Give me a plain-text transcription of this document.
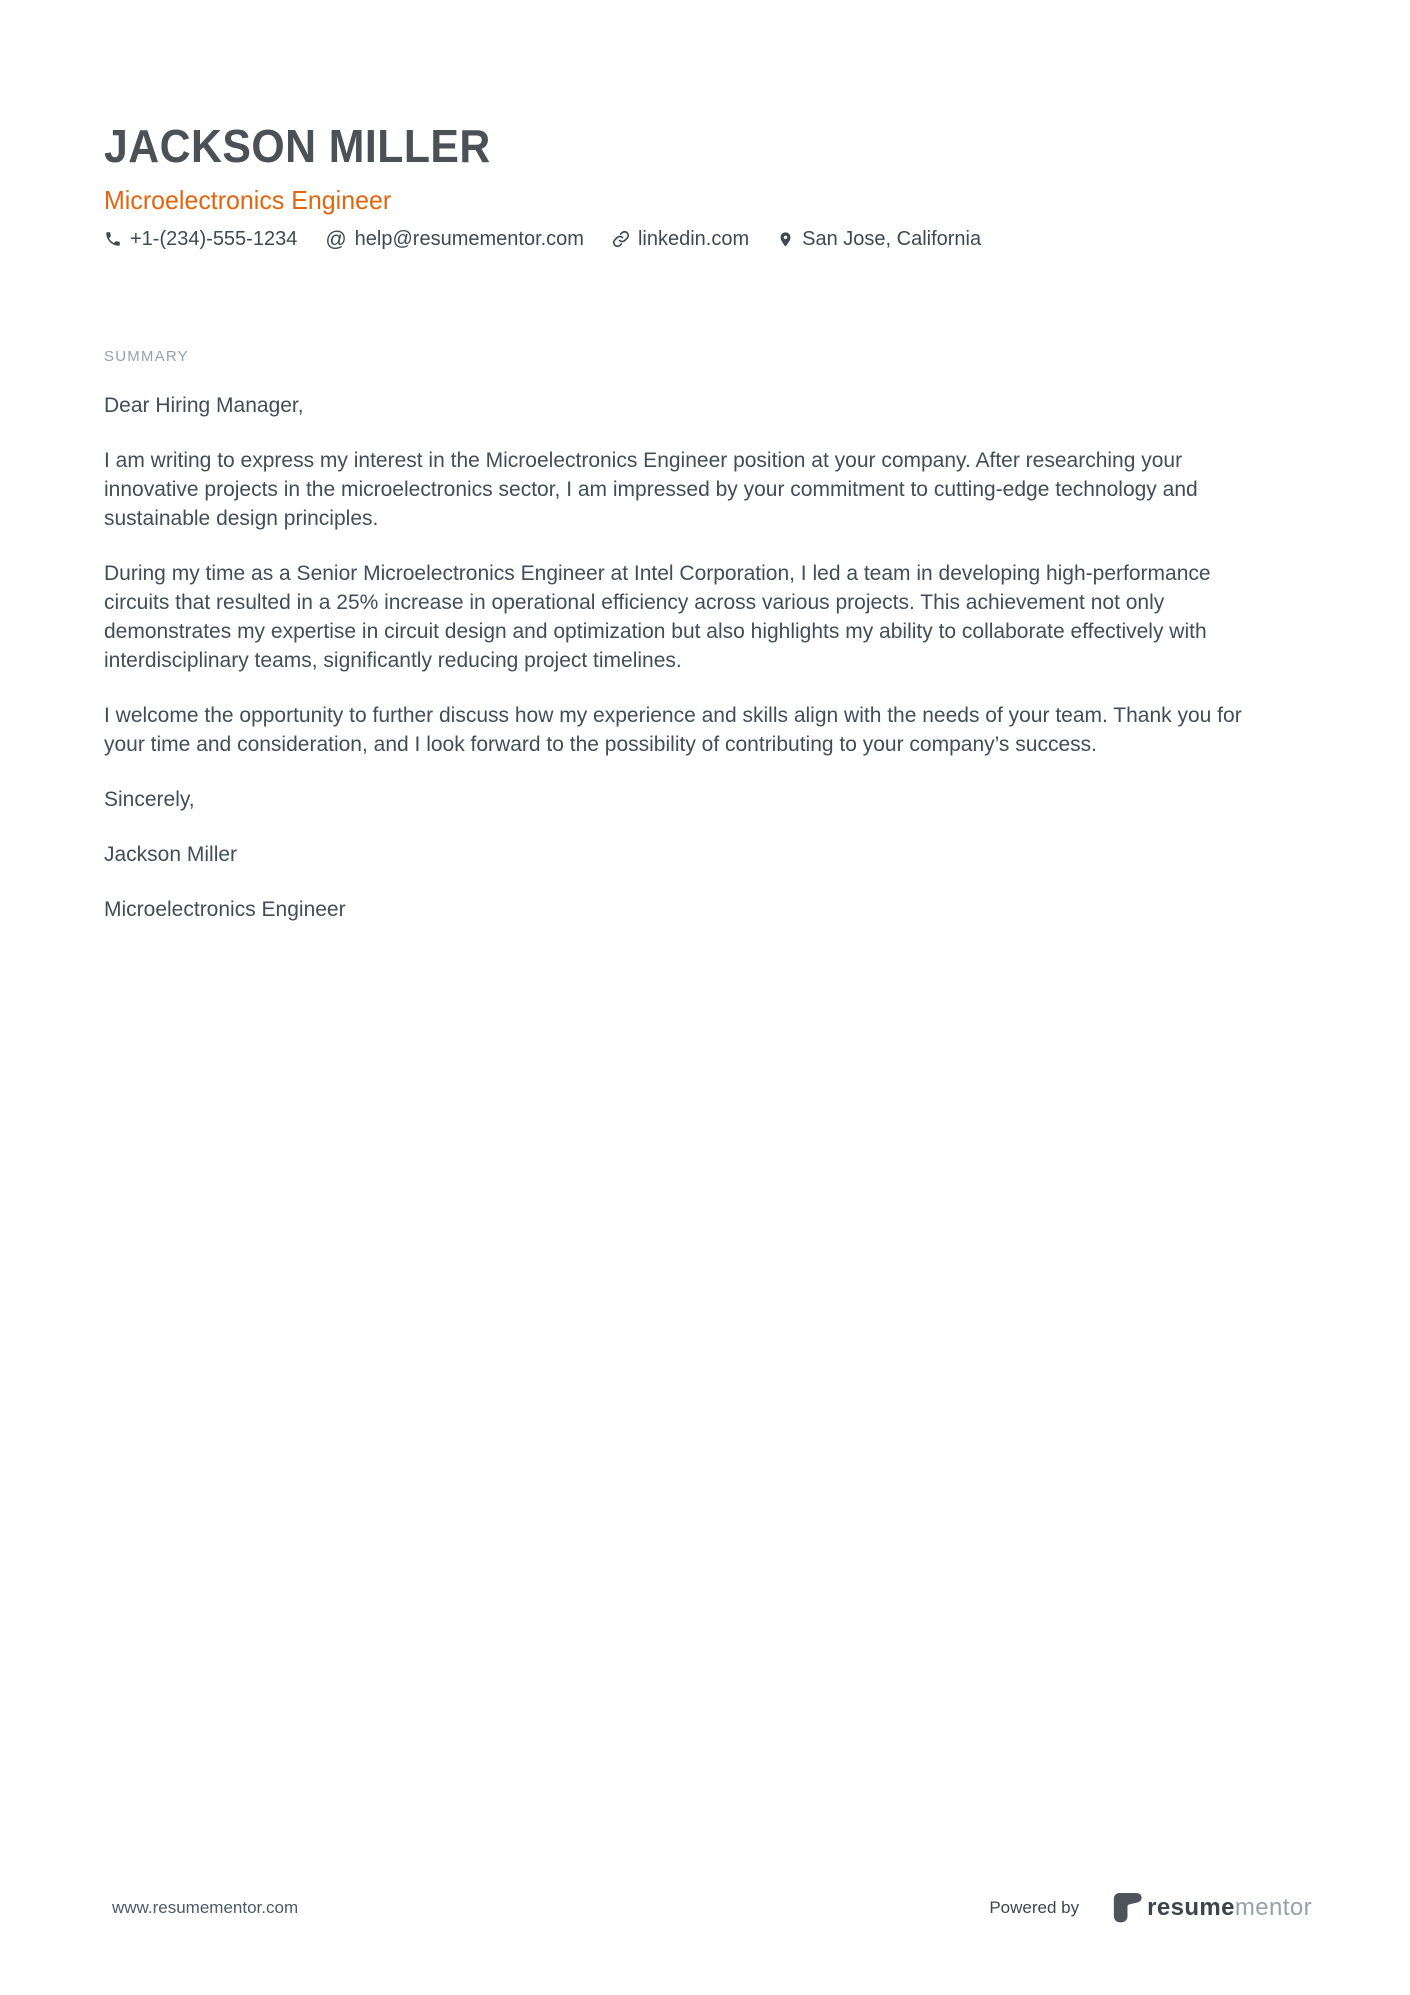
JACKSON MILLER
Microelectronics Engineer
+1-(234)-555-1234 @ help@resumementor.com	linkedin.com	San Jose, California
SUMMARY

Dear Hiring Manager,

I am writing to express my interest in the Microelectronics Engineer position at your company. After researching your innovative projects in the microelectronics sector, I am impressed by your commitment to cutting-edge technology and sustainable design principles.

During my time as a Senior Microelectronics Engineer at Intel Corporation, I led a team in developing high-performance circuits that resulted in a 25% increase in operational efficiency across various projects. This achievement not only demonstrates my expertise in circuit design and optimization but also highlights my ability to collaborate effectively with interdisciplinary teams, significantly reducing project timelines.

I welcome the opportunity to further discuss how my experience and skills align with the needs of your team. Thank you for your time and consideration, and I look forward to the possibility of contributing to your company’s success.

Sincerely,

Jackson Miller

Microelectronics Engineer

www.resumementor.com	Powered by	resumementor
